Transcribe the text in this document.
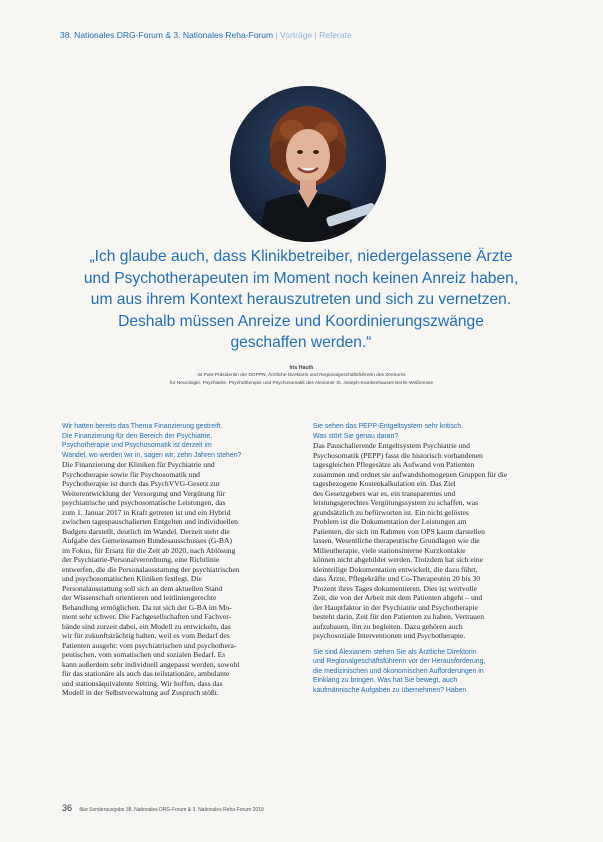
38. Nationales DRG-Forum & 3. Nationales Reha-Forum | Vorträge | Referate
„Ich glaube auch, dass Klinikbetreiber, niedergelassene Ärzte
und Psychotherapeuten im Moment noch keinen Anreiz haben,
um aus ihrem Kontext herauszutreten und sich zu vernetzen.
Deshalb müssen Anreize und Koordinierungszwänge
geschaffen werden.“
Iris Hauth
ist Past-Präsidentin der DGPPN, Ärztliche Direktorin und Regionalgeschäftsführerin des Zentrums
für Neurologie, Psychiatrie, Psychotherapie und Psychosomatik des Alexianer St. Joseph-Krankenhauses Berlin-Weißensee
Wir hatten bereits das Thema Finanzierung gestreift.
Die Finanzierung für den Bereich der Psychiatrie,
Psychotherapie und Psychosomatik ist derzeit im
Wandel, wo werden wir in, sagen wir, zehn Jahren stehen?
Die Finanzierung der Kliniken für Psychiatrie und
Psychotherapie sowie für Psychosomatik und
Psychotherapie ist durch das PsychVVG-Gesetz zur
Weiterentwicklung der Versorgung und Vergütung für
psychiatrische und psychosomatische Leistungen, das
zum 1. Januar 2017 in Kraft getreten ist und ein Hybrid
zwischen tagespauschalierten Entgelten und individuellen
Budgets darstellt, deutlich im Wandel. Derzeit steht die
Aufgabe des Gemeinsamen Bundesausschusses (G-BA)
im Fokus, für Ersatz für die Zeit ab 2020, nach Ablösung
der Psychiatrie-Personalverordnung, eine Richtlinie
entwerfen, die die Personalausstattung der psychiatrischen
und psychosomatischen Kliniken festlegt. Die
Personalausstattung soll sich an dem aktuellen Stand
der Wissenschaft orientieren und leitliniengerechte
Behandlung ermöglichen. Da tut sich der G-BA im Mo-
ment sehr schwer. Die Fachgesellschaften und Fachver-
bände sind zurzeit dabei, ein Modell zu entwickeln, das
wir für zukunftsträchtig halten, weil es vom Bedarf des
Patienten ausgeht: vom psychiatrischen und psychothera-
peutischen, vom somatischen und sozialen Bedarf. Es
kann außerdem sehr individuell angepasst werden, sowohl
für das stationäre als auch das teilstationäre, ambulante
und stationsäquivalente Setting. Wir hoffen, dass das
Modell in der Selbstverwaltung auf Zuspruch stößt.
Sie sehen das PEPP-Entgeltsystem sehr kritisch.
Was stört Sie genau daran?
Das Pauschalierende Entgeltsystem Psychiatrie und
Psychosomatik (PEPP) fasst die historisch vorhandenen
tagesgleichen Pflegesätze als Aufwand von Patienten
zusammen und ordnet sie aufwandshomogenen Gruppen für die
tagesbezogene Kostenkalkulation ein. Das Ziel
des Gesetzgebers war es, ein transparentes und
leistungsgerechtes Vergütungssystem zu schaffen, was
grundsätzlich zu befürworten ist. Ein nicht gelöstes
Problem ist die Dokumentation der Leistungen am
Patienten, die sich im Rahmen von OPS kaum darstellen
lassen. Wesentliche therapeutische Grundlagen wie die
Milieutherapie, viele stationsinterne Kurzkontakte
können nicht abgebildet werden. Trotzdem hat sich eine
kleinteilige Dokumentation entwickelt, die dazu führt,
dass Ärzte, Pflegekräfte und Co-Therapeuten 20 bis 30
Prozent ihres Tages dokumentieren. Dies ist wertvolle
Zeit, die von der Arbeit mit dem Patienten abgeht – und
der Hauptfaktor in der Psychiatrie und Psychotherapie
besteht darin, Zeit für den Patienten zu haben, Vertrauen
aufzubauen, ihn zu begleiten. Dazu gehören auch
psychosoziale Interventionen und Psychotherapie.
Sie sind Alexianern stehen Sie als Ärztliche Direktorin
und Regionalgeschäftsführerin vor der Herausforderung,
die medizinischen und ökonomischen Aufforderungen in
Einklang zu bringen. Was hat Sie bewegt, auch
kaufmännische Aufgaben zu übernehmen? Haben
36 f&w Sonderausgabe 38. Nationales DRG-Forum & 3. Nationales Reha-Forum 2019
